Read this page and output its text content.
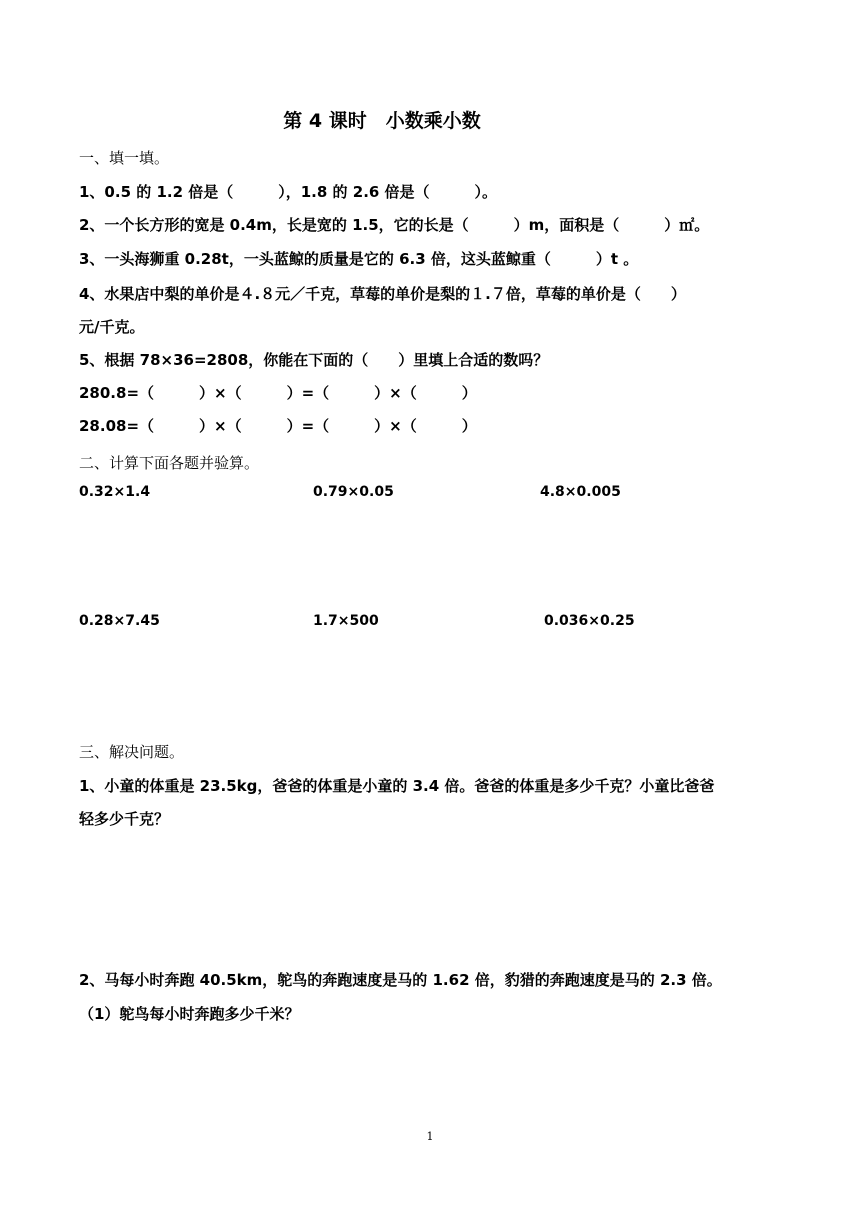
第 4 课时　小数乘小数
一、填一填。
1、0.5 的 1.2 倍是（　　　），1.8 的 2.6 倍是（　　　）。
2、一个长方形的宽是 0.4m，长是宽的 1.5，它的长是（　　　）m，面积是（　　　）㎡。
3、一头海狮重 0.28t，一头蓝鲸的质量是它的 6.3 倍，这头蓝鲸重（　　　）t 。
4、水果店中梨的单价是４.８元／千克，草莓的单价是梨的１.７倍，草莓的单价是（　　）
元/千克。
5、根据 78×36=2808，你能在下面的（　　）里填上合适的数吗？
280.8=（　　　）×（　　　）=（　　　）×（　　　）
28.08=（　　　）×（　　　）=（　　　）×（　　　）
二、计算下面各题并验算。
0.32×1.4	0.79×0.05	4.8×0.005
0.28×7.45	1.7×500	0.036×0.25
三、解决问题。
1、小童的体重是 23.5kg，爸爸的体重是小童的 3.4 倍。爸爸的体重是多少千克？小童比爸爸
轻多少千克？
2、马每小时奔跑 40.5km，鸵鸟的奔跑速度是马的 1.62 倍，豹猎的奔跑速度是马的 2.3 倍。
（1）鸵鸟每小时奔跑多少千米？
1
